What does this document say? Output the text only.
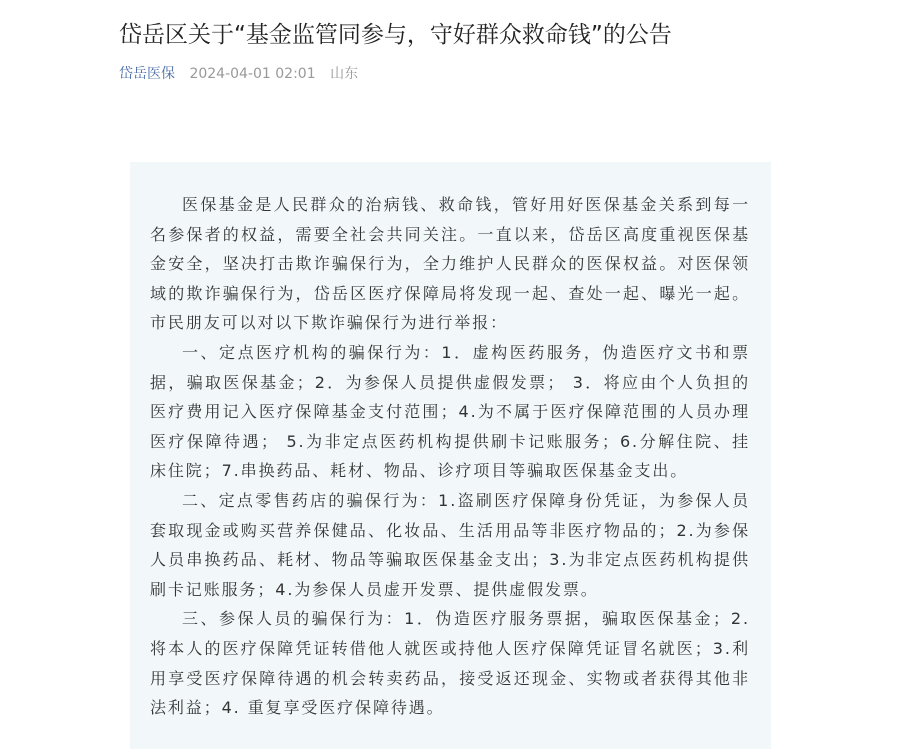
岱岳区关于“基金监管同参与，守好群众救命钱”的公告
岱岳医保 2024-04-01 02:01 山东

医保基金是人民群众的治病钱、救命钱，管好用好医保基金关系到每一名参保者的权益，需要全社会共同关注。一直以来，岱岳区高度重视医保基金安全，坚决打击欺诈骗保行为，全力维护人民群众的医保权益。对医保领域的欺诈骗保行为，岱岳区医疗保障局将发现一起、查处一起、曝光一起。市民朋友可以对以下欺诈骗保行为进行举报：

一、定点医疗机构的骗保行为：1．虚构医药服务，伪造医疗文书和票据，骗取医保基金；2．为参保人员提供虚假发票； 3．将应由个人负担的医疗费用记入医疗保障基金支付范围；4.为不属于医疗保障范围的人员办理医疗保障待遇； 5.为非定点医药机构提供刷卡记账服务；6.分解住院、挂床住院；7.串换药品、耗材、物品、诊疗项目等骗取医保基金支出。

二、定点零售药店的骗保行为：1.盗刷医疗保障身份凭证，为参保人员套取现金或购买营养保健品、化妆品、生活用品等非医疗物品的；2.为参保人员串换药品、耗材、物品等骗取医保基金支出；3.为非定点医药机构提供刷卡记账服务；4.为参保人员虚开发票、提供虚假发票。

三、参保人员的骗保行为：1．伪造医疗服务票据，骗取医保基金；2.将本人的医疗保障凭证转借他人就医或持他人医疗保障凭证冒名就医；3.利用享受医疗保障待遇的机会转卖药品，接受返还现金、实物或者获得其他非法利益；4. 重复享受医疗保障待遇。
